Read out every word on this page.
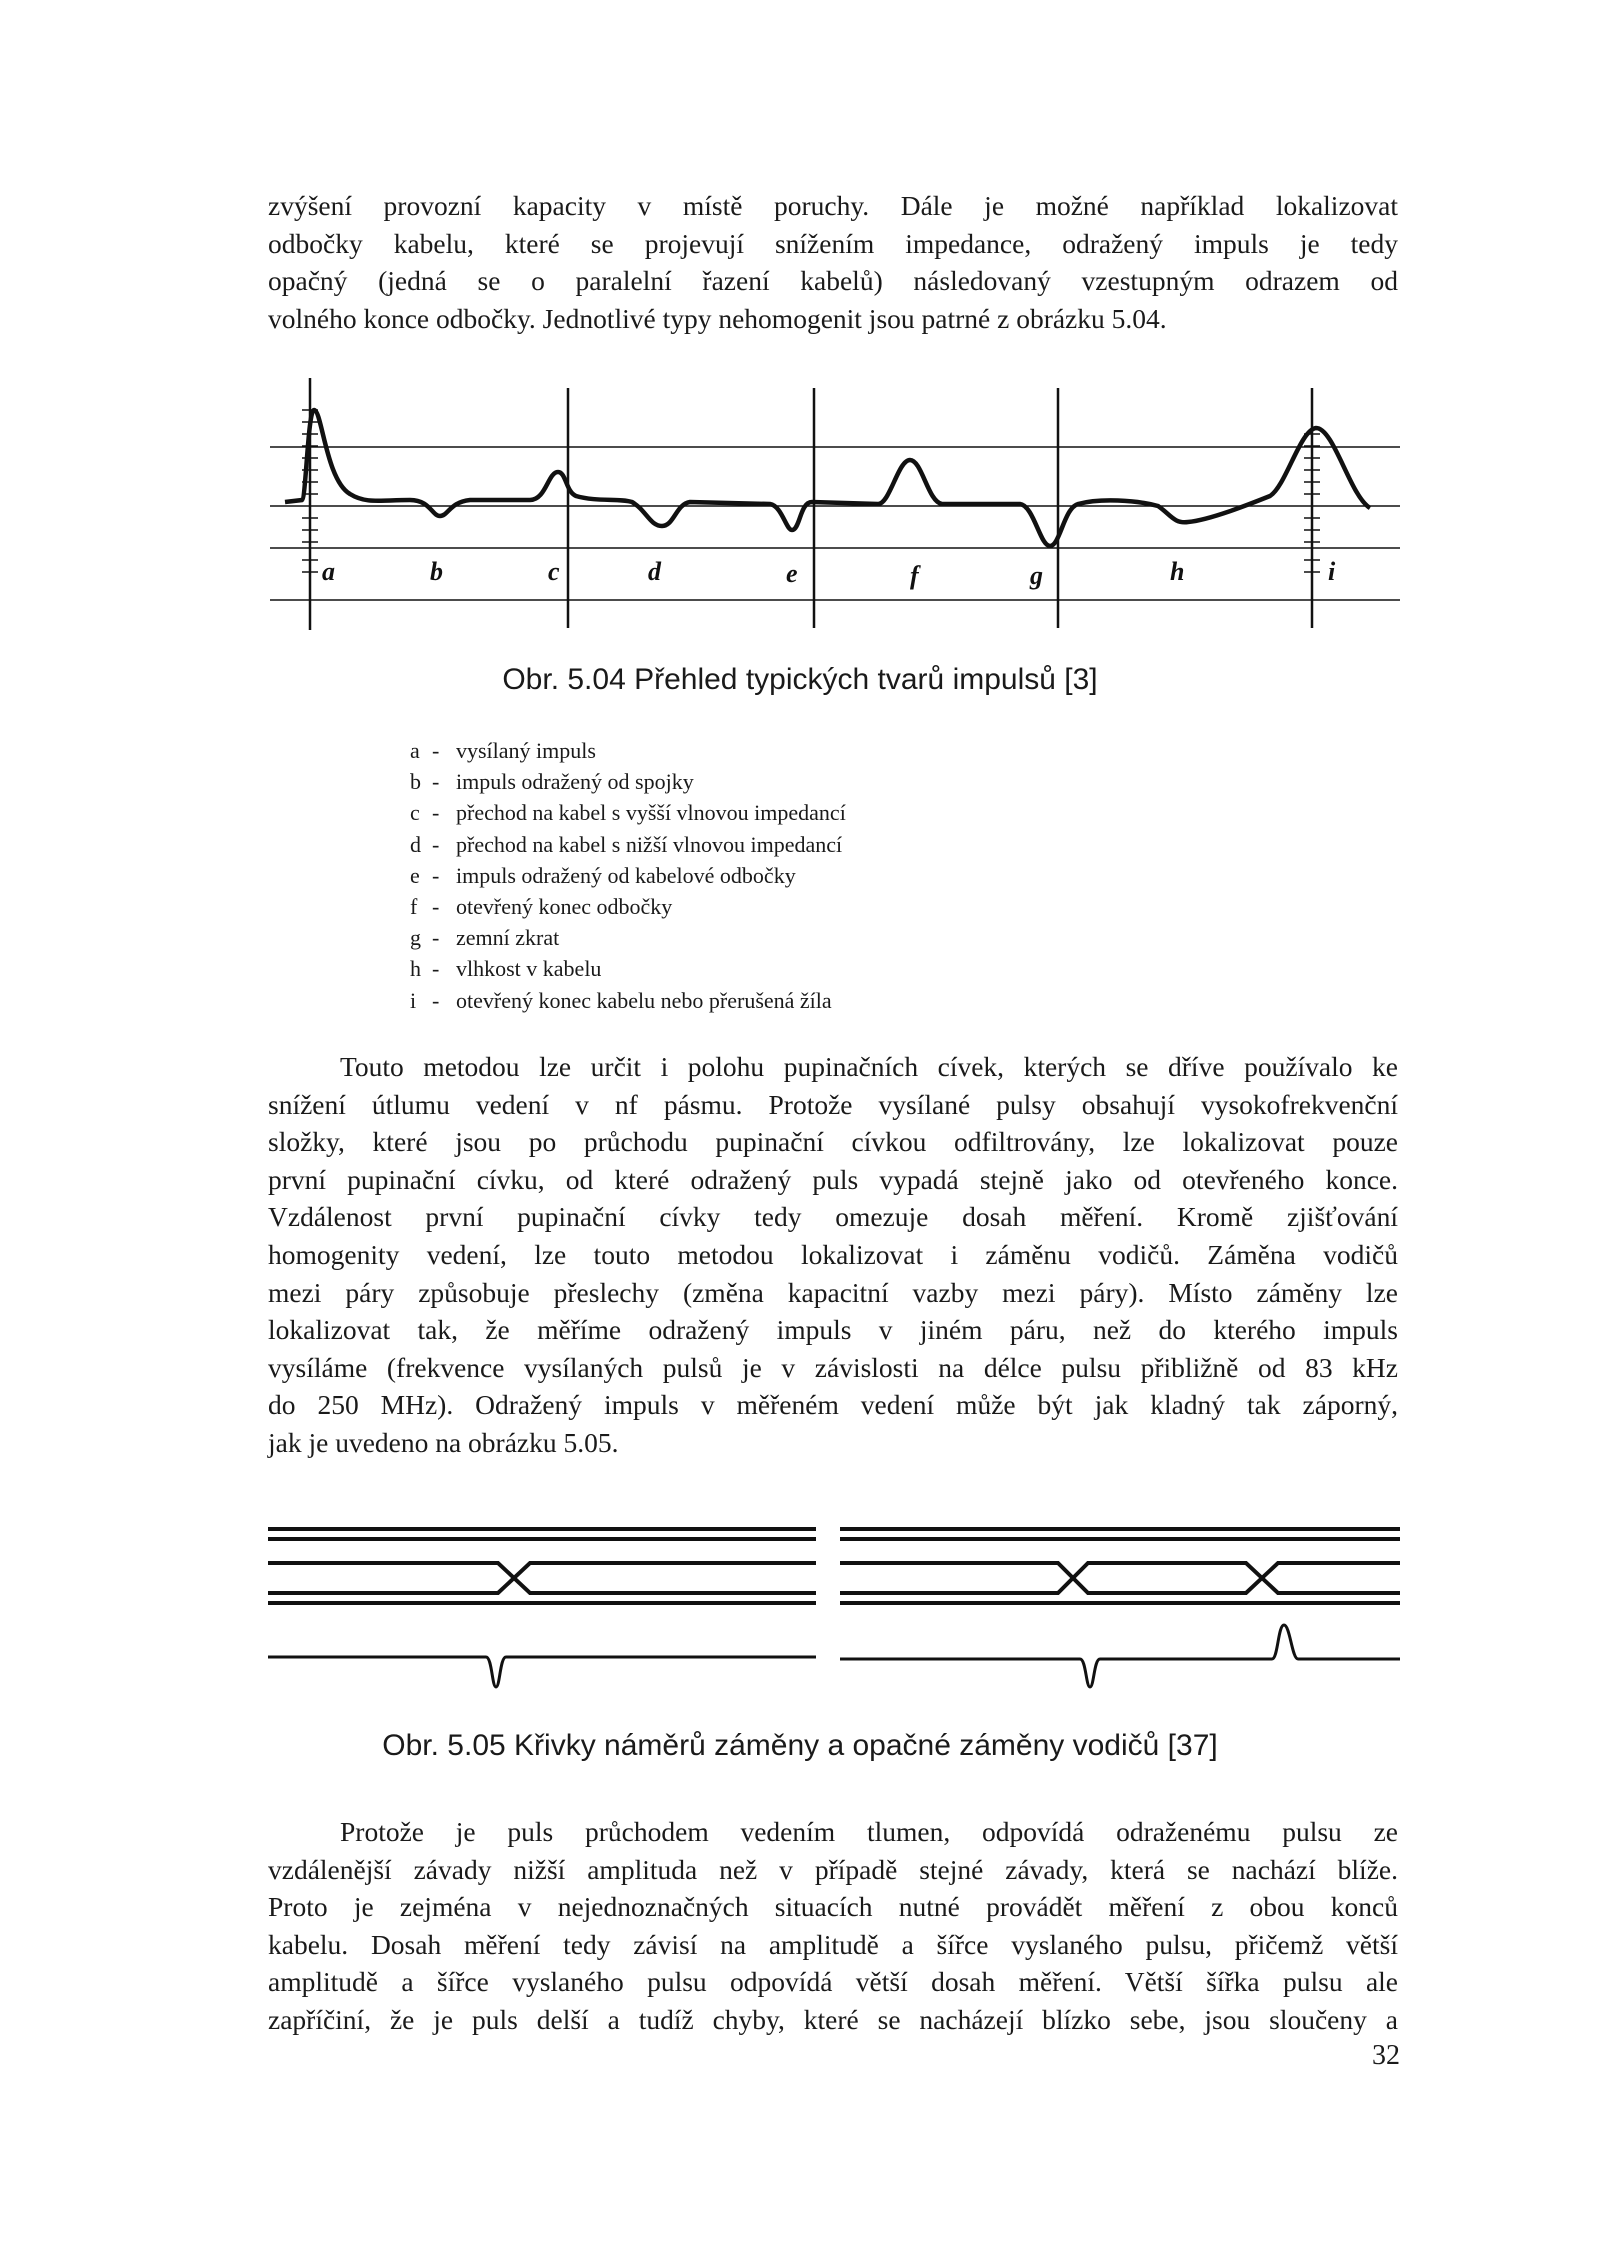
zvýšení provozní kapacity v místě poruchy. Dále je možné například lokalizovat
odbočky kabelu, které se projevují snížením impedance, odražený impuls je tedy
opačný (jedná se o paralelní řazení kabelů) následovaný vzestupným odrazem od
volného konce odbočky. Jednotlivé typy nehomogenit jsou patrné z obrázku 5.04.
a	b	c	d	e	f	g	h	i
Obr. 5.04 Přehled typických tvarů impulsů [3]
a - vysílaný impuls
b - impuls odražený od spojky
c - přechod na kabel s vyšší vlnovou impedancí
d - přechod na kabel s nižší vlnovou impedancí
e - impuls odražený od kabelové odbočky
f - otevřený konec odbočky
g - zemní zkrat
h - vlhkost v kabelu
i - otevřený konec kabelu nebo přerušená žíla
Touto metodou lze určit i polohu pupinačních cívek, kterých se dříve používalo ke
snížení útlumu vedení v nf pásmu. Protože vysílané pulsy obsahují vysokofrekvenční
složky, které jsou po průchodu pupinační cívkou odfiltrovány, lze lokalizovat pouze
první pupinační cívku, od které odražený puls vypadá stejně jako od otevřeného konce.
Vzdálenost první pupinační cívky tedy omezuje dosah měření. Kromě zjišťování
homogenity vedení, lze touto metodou lokalizovat i záměnu vodičů. Záměna vodičů
mezi páry způsobuje přeslechy (změna kapacitní vazby mezi páry). Místo záměny lze
lokalizovat tak, že měříme odražený impuls v jiném páru, než do kterého impuls
vysíláme (frekvence vysílaných pulsů je v závislosti na délce pulsu přibližně od 83 kHz
do 250 MHz). Odražený impuls v měřeném vedení může být jak kladný tak záporný,
jak je uvedeno na obrázku 5.05.
Obr. 5.05 Křivky náměrů záměny a opačné záměny vodičů [37]
Protože je puls průchodem vedením tlumen, odpovídá odraženému pulsu ze
vzdálenější závady nižší amplituda než v případě stejné závady, která se nachází blíže.
Proto je zejména v nejednoznačných situacích nutné provádět měření z obou konců
kabelu. Dosah měření tedy závisí na amplitudě a šířce vyslaného pulsu, přičemž větší
amplitudě a šířce vyslaného pulsu odpovídá větší dosah měření. Větší šířka pulsu ale
zapříčiní, že je puls delší a tudíž chyby, které se nacházejí blízko sebe, jsou sloučeny a
32
